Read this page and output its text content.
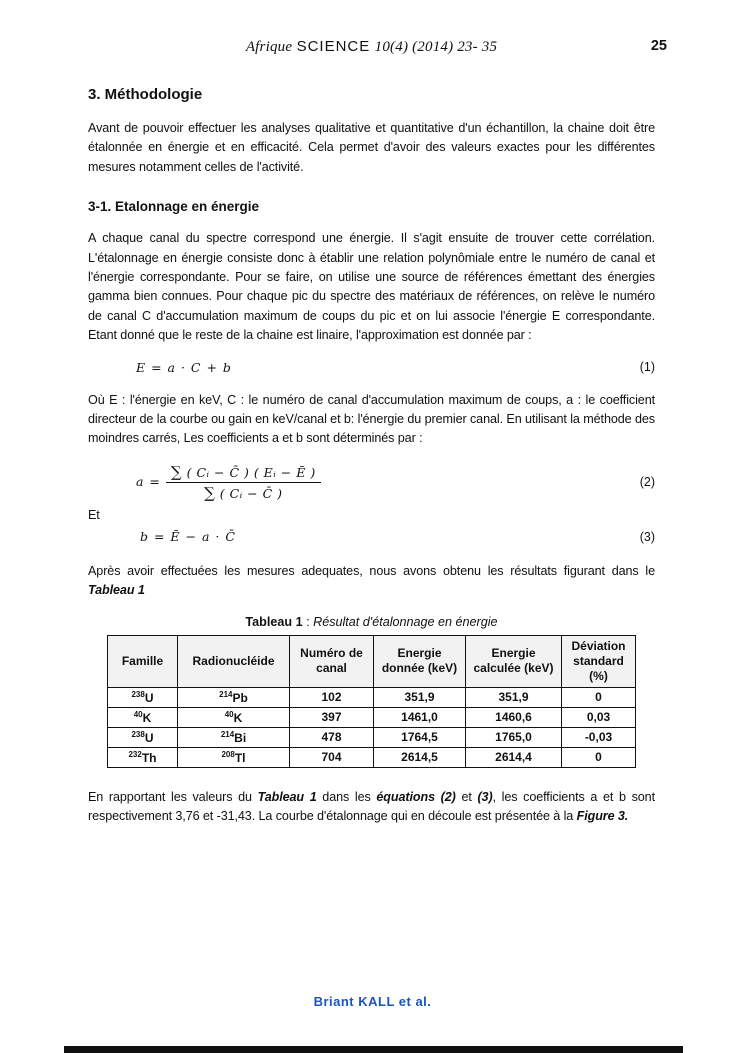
Afrique SCIENCE 10(4) (2014) 23- 35	25
3. Méthodologie

Avant de pouvoir effectuer les analyses qualitative et quantitative d'un échantillon, la chaine doit être étalonnée en énergie et en efficacité. Cela permet d'avoir des valeurs exactes pour les différentes mesures notamment celles de l'activité.

3-1. Etalonnage en énergie

A chaque canal du spectre correspond une énergie. Il s'agit ensuite de trouver cette corrélation. L'étalonnage en énergie consiste donc à établir une relation polynômiale entre le numéro de canal et l'énergie correspondante. Pour se faire, on utilise une source de références émettant des énergies gamma bien connues. Pour chaque pic du spectre des matériaux de références, on relève le numéro de canal C d'accumulation maximum de coups du pic et on lui associe l'énergie E correspondante. Etant donné que le reste de la chaine est linaire, l'approximation est donnée par :

E = a · C + b	(1)

Où E : l'énergie en keV, C : le numéro de canal d'accumulation maximum de coups, a : le coefficient directeur de la courbe ou gain en keV/canal et b: l'énergie du premier canal. En utilisant la méthode des moindres carrés, Les coefficients a et b sont déterminés par :

$a = \frac{\text{∑ ( Cᵢ − C̄ ) ( Eᵢ − Ē )}}{\text{∑ ( Cᵢ − C̄ )}}$	(2)

Et

b = Ē − a · C̄	(3)

Après avoir effectuées les mesures adequates, nous avons obtenu les résultats figurant dans le Tableau 1

Tableau 1 : Résultat d'étalonnage en énergie
Famille	Radionucléide	Numéro de canal	Energie donnée (keV)	Energie calculée (keV)	Déviation standard (%)
$^{238}$U	$^{214}$Pb	102	351,9	351,9	0
$^{40}$K	$^{40}$K	397	1461,0	1460,6	0,03
$^{238}$U	$^{214}$Bi	478	1764,5	1765,0	-0,03
$^{232}$Th	$^{208}$Tl	704	2614,5	2614,4	0

En rapportant les valeurs du Tableau 1 dans les équations (2) et (3), les coefficients a et b sont respectivement 3,76 et -31,43. La courbe d'étalonnage qui en découle est présentée à la Figure 3.

Briant KALL et al.
